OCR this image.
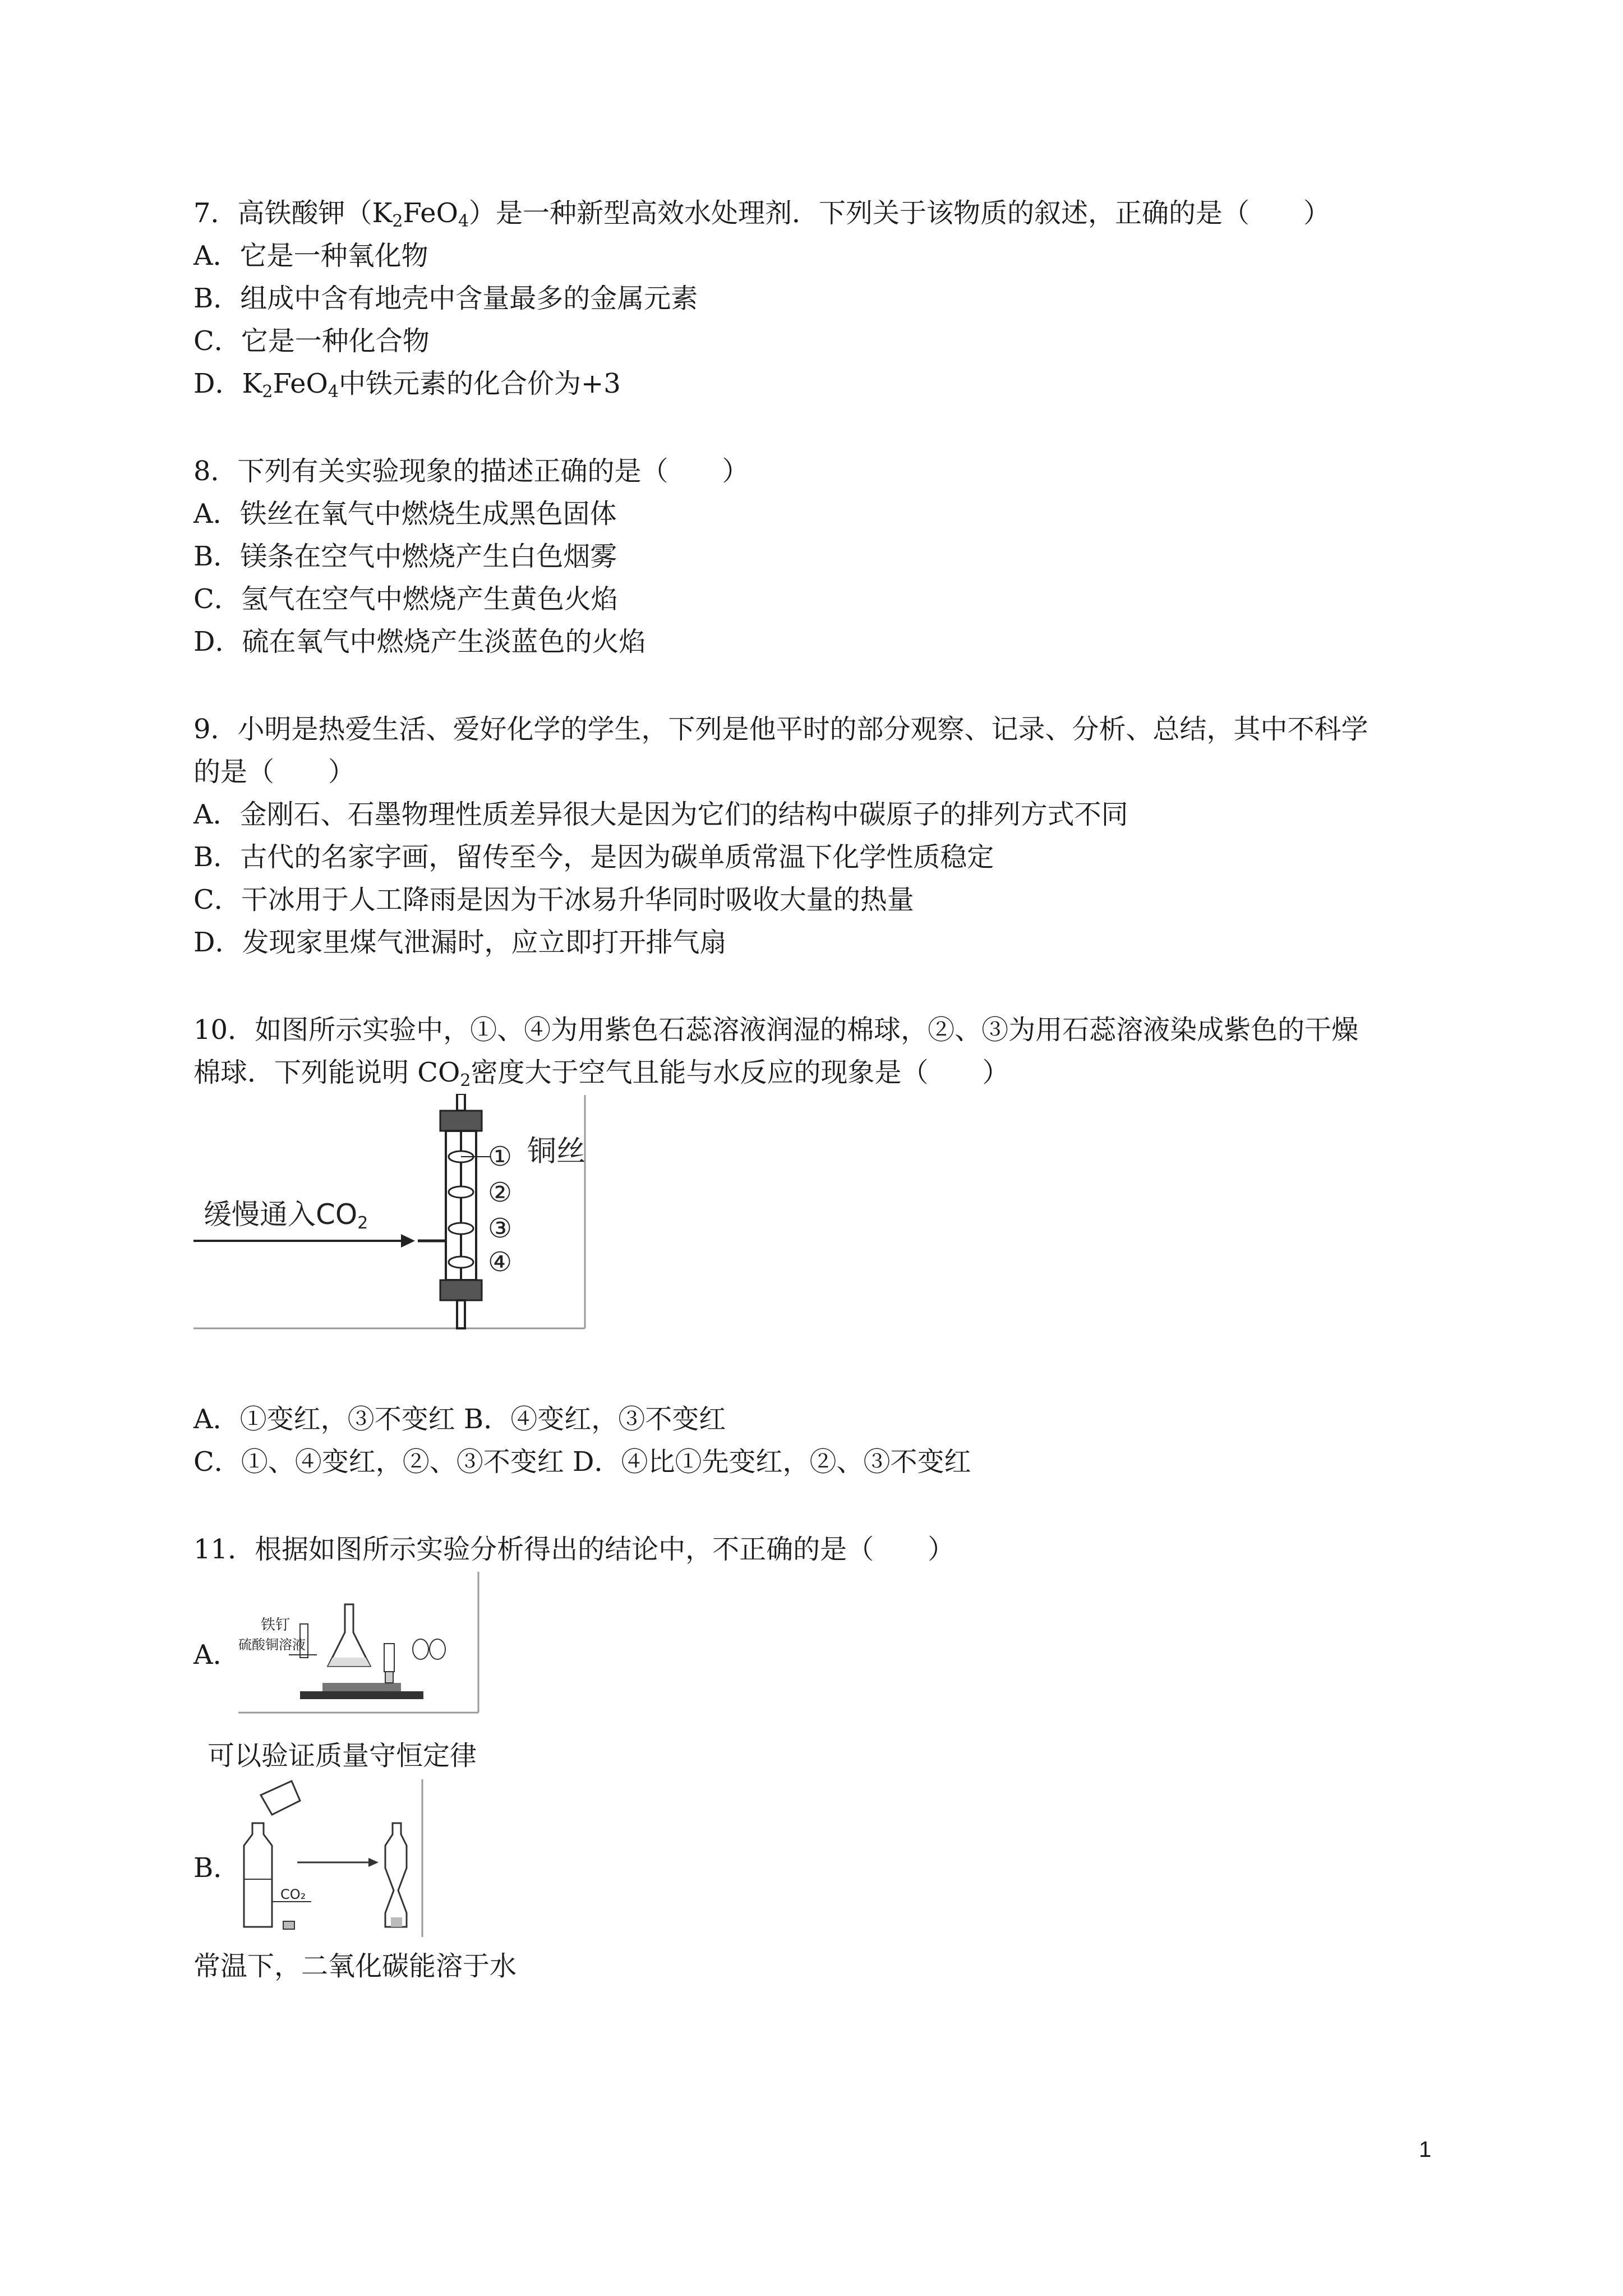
7．高铁酸钾$(K_2FeO_4)$是一种新型高效水处理剂．下列关于该物质的叙述，正确的是（　　）
A．它是一种氧化物
B．组成中含有地壳中含量最多的金属元素
C．它是一种化合物
D．$K_2FeO_4$中铁元素的化合价为+3
8．下列有关实验现象的描述正确的是（　　）
A．铁丝在氧气中燃烧生成黑色固体
B．镁条在空气中燃烧产生白色烟雾
C．氢气在空气中燃烧产生黄色火焰
D．硫在氧气中燃烧产生淡蓝色的火焰
9．小明是热爱生活、爱好化学的学生，下列是他平时的部分观察、记录、分析、总结，其中不科学
的是（　　）
A．金刚石、石墨物理性质差异很大是因为它们的结构中碳原子的排列方式不同
B．古代的名家字画，留传至今，是因为碳单质常温下化学性质稳定
C．干冰用于人工降雨是因为干冰易升华同时吸收大量的热量
D．发现家里煤气泄漏时，应立即打开排气扇
10．如图所示实验中，①、④为用紫色石蕊溶液润湿的棉球，②、③为用石蕊溶液染成紫色的干燥
棉球．下列能说明 $CO_2$密度大于空气且能与水反应的现象是（　　）
缓慢通入CO2
铜丝
①
②
③
④
A．①变红，③不变红 B．④变红，③不变红
C．①、④变红，②、③不变红 D．④比①先变红，②、③不变红
11．根据如图所示实验分析得出的结论中，不正确的是（　　）
A．
铁钉
硫酸铜溶液
可以验证质量守恒定律
B．
CO₂
常温下，二氧化碳能溶于水
1
